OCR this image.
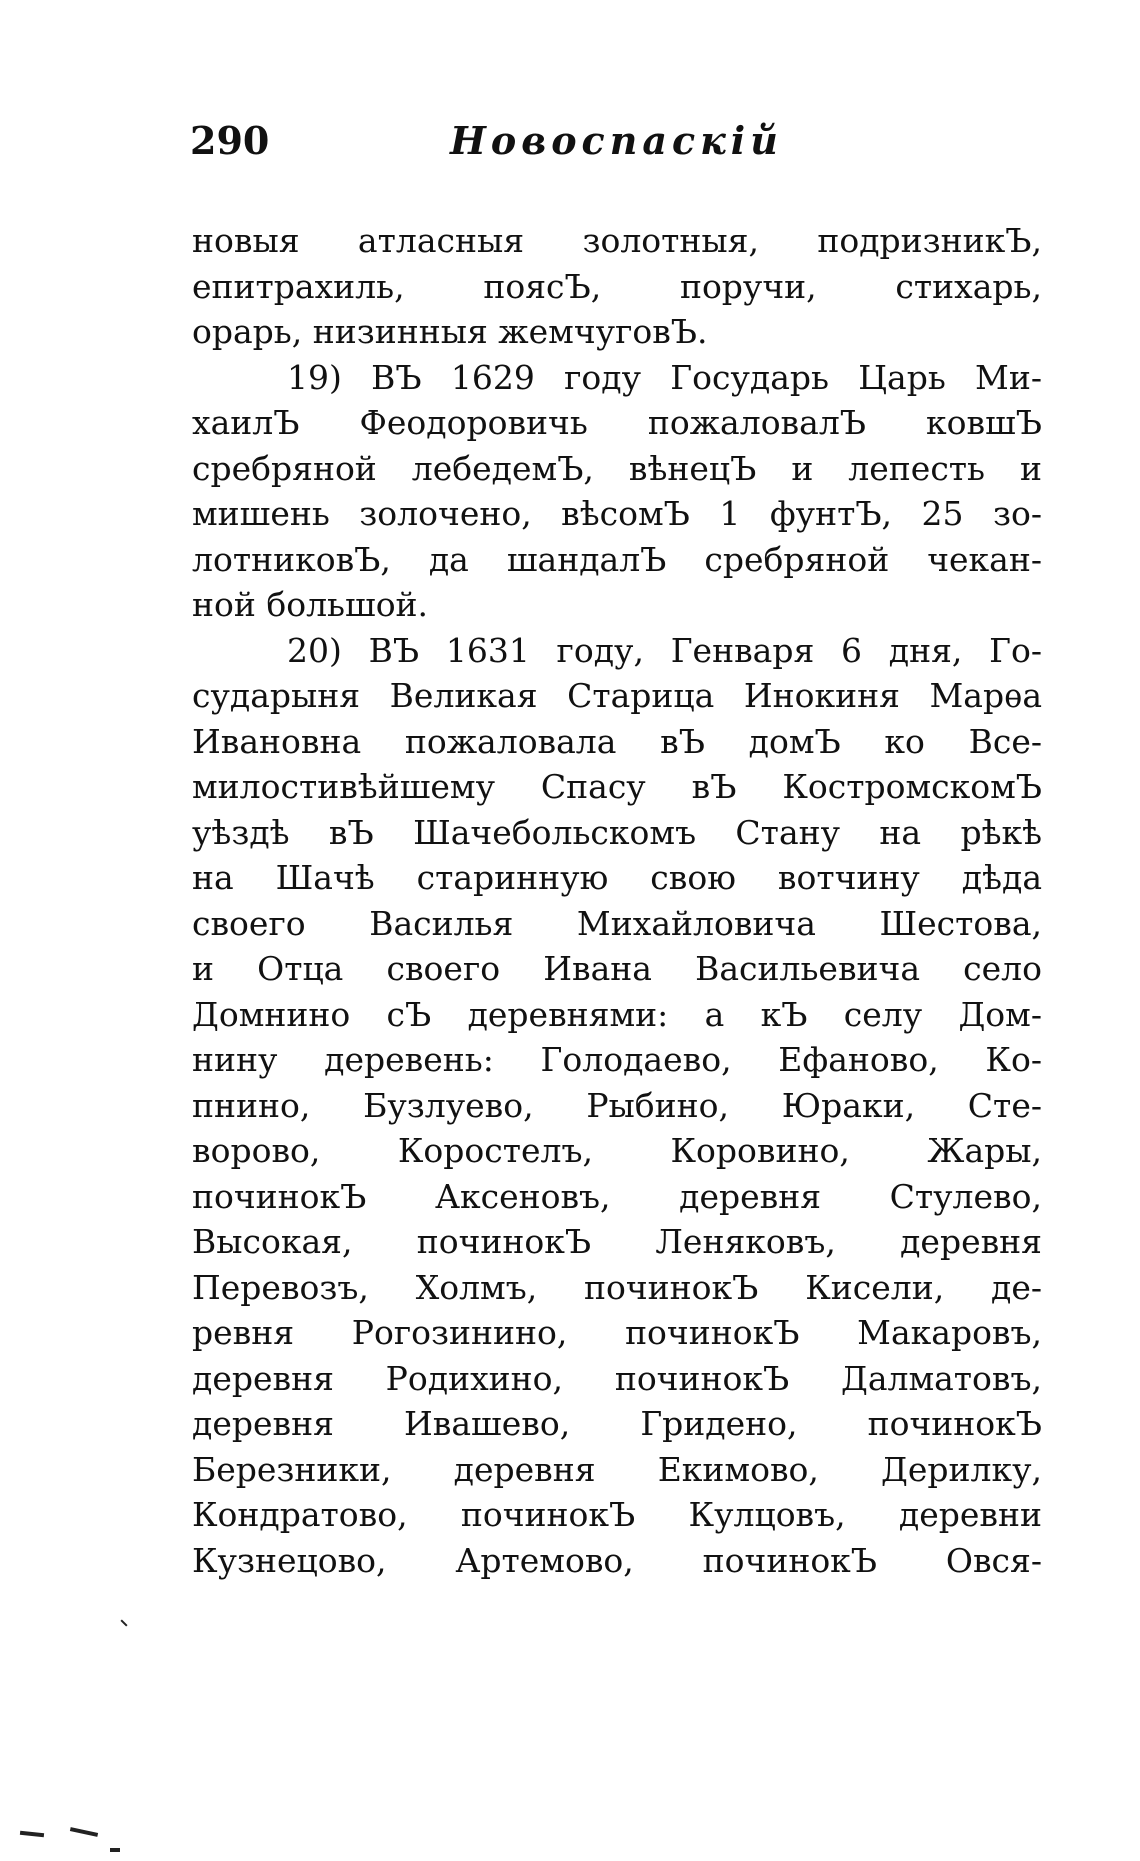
290	Новоспаскій
новыя атласныя золотныя, подризникЪ,
епитрахиль, поясЪ, поручи, стихарь,
орарь, низинныя жемчуговЪ.
19) ВЪ 1629 году Государь Царь Ми-
хаилЪ Феодоровичь пожаловалЪ ковшЪ
сребряной лебедемЪ, вѣнецЪ и лепесть и
мишень золочено, вѣсомЪ 1 фунтЪ, 25 зо-
лотниковЪ, да шандалЪ сребряной чекан-
ной большой.
20) ВЪ 1631 году, Генваря 6 дня, Го-
сударыня Великая Старица Инокиня Марѳа
Ивановна пожаловала вЪ домЪ ко Все-
милостивѣйшему Спасу вЪ КостромскомЪ
уѣздѣ вЪ Шачебольскомъ Стану на рѣкѣ
на Шачѣ старинную свою вотчину дѣда
своего Василья Михайловича Шестова,
и Отца своего Ивана Васильевича село
Домнино сЪ деревнями: а кЪ селу Дом-
нину деревень: Голодаево, Ефаново, Ко-
пнино, Бузлуево, Рыбино, Юраки, Сте-
ворово, Коростелъ, Коровино, Жары,
починокЪ Аксеновъ, деревня Стулево,
Высокая, починокЪ Леняковъ, деревня
Перевозъ, Холмъ, починокЪ Кисели, де-
ревня Рогозинино, починокЪ Макаровъ,
деревня Родихино, починокЪ Далматовъ,
деревня Ивашево, Гридено, починокЪ
Березники, деревня Екимово, Дерилку,
Кондратово, починокЪ Кулцовъ, деревни
Кузнецово, Артемово, починокЪ Овся-
